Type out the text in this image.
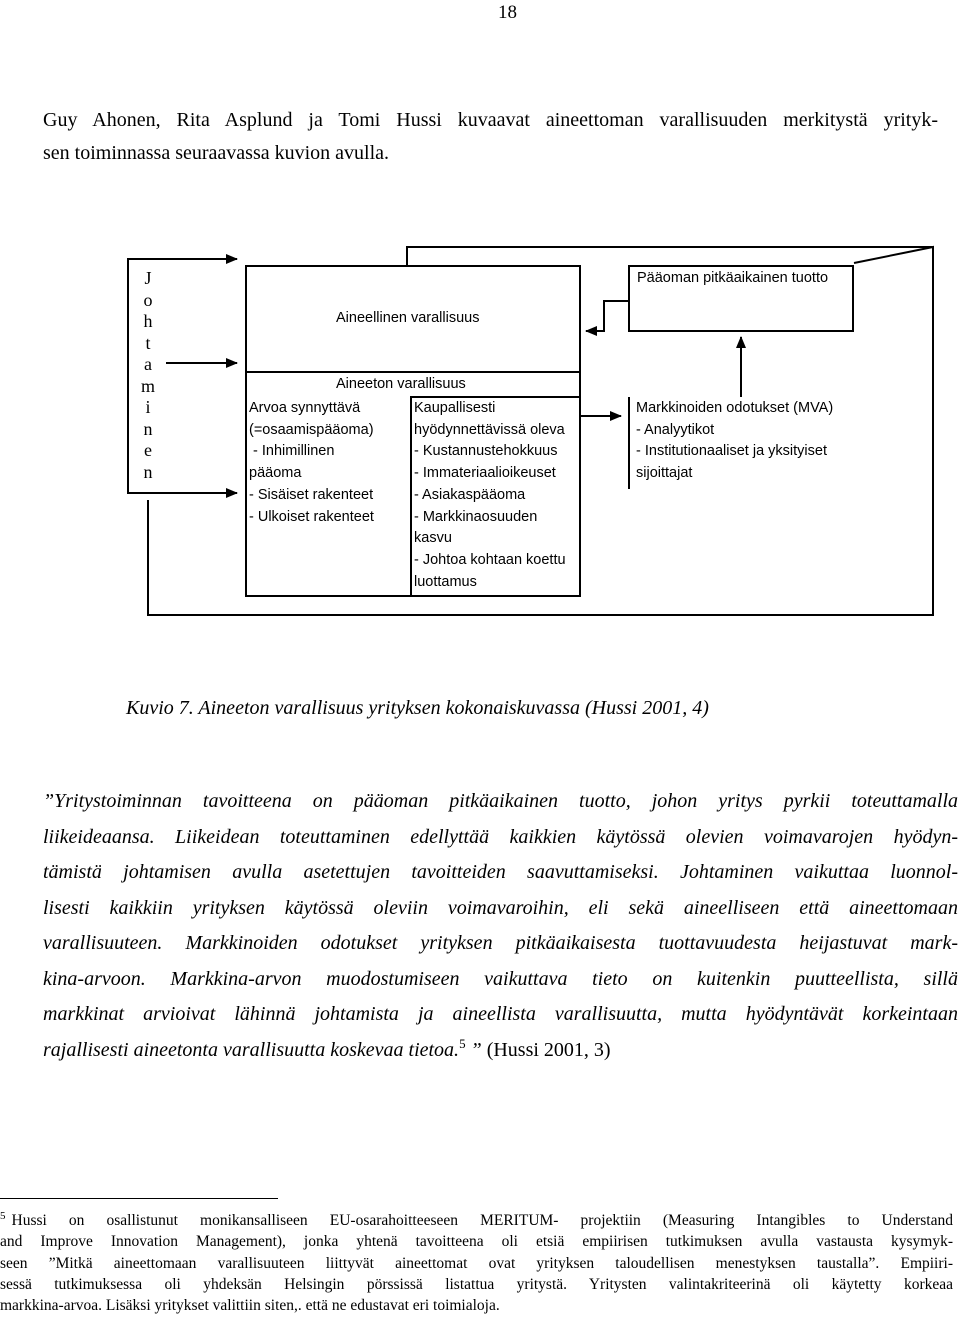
18
Guy Ahonen, Rita Asplund ja Tomi Hussi kuvaavat aineettoman varallisuuden merkitystä yrityk-
sen toiminnassa seuraavassa kuvion avulla.
J
o
h
t
a
m
i
n
e
n
Aineellinen varallisuus
Aineeton varallisuus
Arvoa synnyttävä
(=osaamispääoma)
- Inhimillinen
pääoma
- Sisäiset rakenteet
- Ulkoiset rakenteet
Kaupallisesti
hyödynnettävissä oleva
- Kustannustehokkuus
- Immateriaalioikeuset
- Asiakaspääoma
- Markkinaosuuden
kasvu
- Johtoa kohtaan koettu
luottamus
Pääoman pitkäaikainen tuotto
Markkinoiden odotukset (MVA)
- Analyytikot
- Institutionaaliset ja yksityiset
sijoittajat
Kuvio 7. Aineeton varallisuus yrityksen kokonaiskuvassa (Hussi 2001, 4)
”Yritystoiminnan tavoitteena on pääoman pitkäaikainen tuotto, johon yritys pyrkii toteuttamalla
liikeideaansa. Liikeidean toteuttaminen edellyttää kaikkien käytössä olevien voimavarojen hyödyn-
tämistä johtamisen avulla asetettujen tavoitteiden saavuttamiseksi. Johtaminen vaikuttaa luonnol-
lisesti kaikkiin yrityksen käytössä oleviin voimavaroihin, eli sekä aineelliseen että aineettomaan
varallisuuteen. Markkinoiden odotukset yrityksen pitkäaikaisesta tuottavuudesta heijastuvat mark-
kina-arvoon. Markkina-arvon muodostumiseen vaikuttava tieto on kuitenkin puutteellista, sillä
markkinat arvioivat lähinnä johtamista ja aineellista varallisuutta, mutta hyödyntävät korkeintaan
rajallisesti aineetonta varallisuutta koskevaa tietoa.$^5$ ” (Hussi 2001, 3)
$^5$ Hussi on osallistunut monikansalliseen EU-osarahoitteeseen MERITUM- projektiin (Measuring Intangibles to Understand
and Improve Innovation Management), jonka yhtenä tavoitteena oli etsiä empiirisen tutkimuksen avulla vastausta kysymyk-
seen ”Mitkä aineettomaan varallisuuteen liittyvät aineettomat ovat yrityksen taloudellisen menestyksen taustalla”. Empiiri-
sessä tutkimuksessa oli yhdeksän Helsingin pörssissä listattua yritystä. Yritysten valintakriteerinä oli käytetty korkeaa
markkina-arvoa. Lisäksi yritykset valittiin siten,. että ne edustavat eri toimialoja.
